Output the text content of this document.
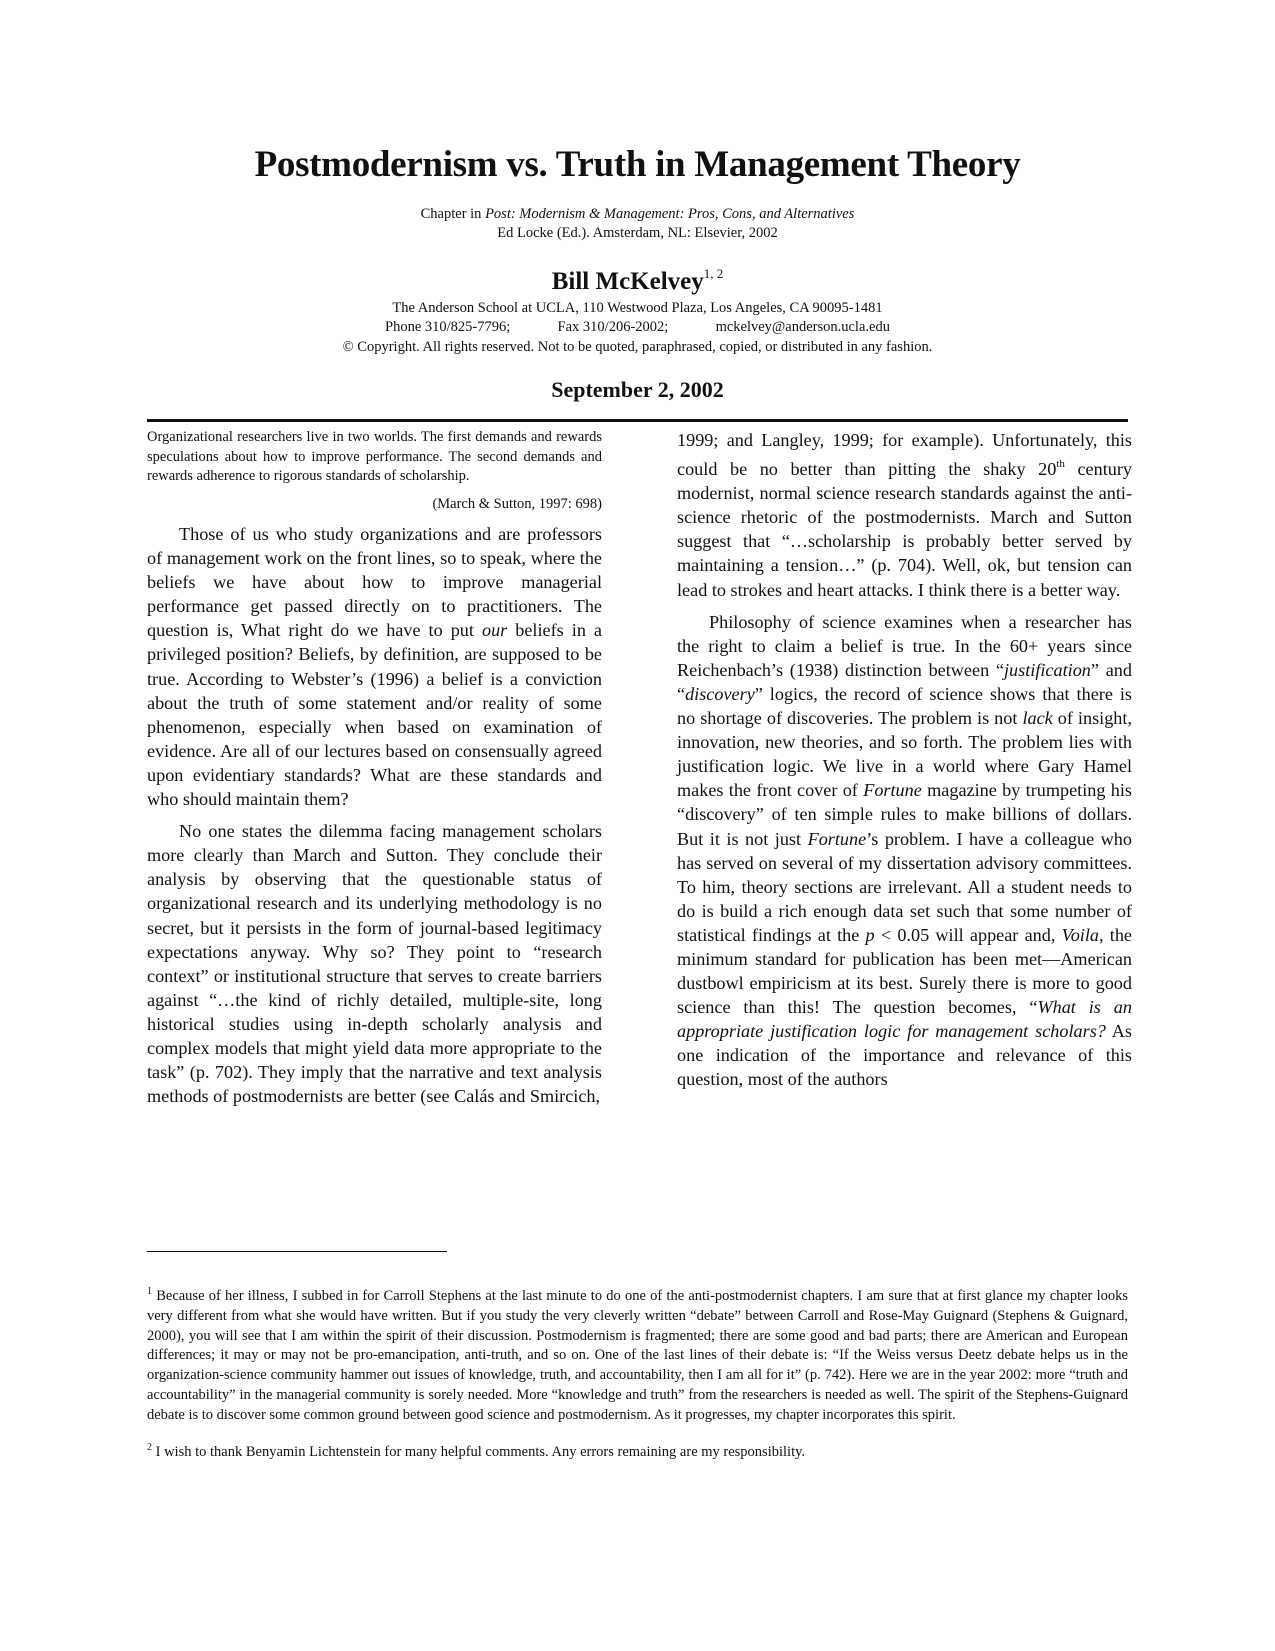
Postmodernism vs. Truth in Management Theory
Chapter in Post: Modernism & Management: Pros, Cons, and Alternatives
Ed Locke (Ed.). Amsterdam, NL: Elsevier, 2002
Bill McKelvey$^{1, 2}$
The Anderson School at UCLA, 110 Westwood Plaza, Los Angeles, CA 90095-1481
Phone 310/825-7796;	Fax 310/206-2002;	mckelvey@anderson.ucla.edu
© Copyright. All rights reserved. Not to be quoted, paraphrased, copied, or distributed in any fashion.
September 2, 2002

Organizational researchers live in two worlds. The first demands and rewards speculations about how to improve performance. The second demands and rewards adherence to rigorous standards of scholarship.

(March & Sutton, 1997: 698)

Those of us who study organizations and are professors of management work on the front lines, so to speak, where the beliefs we have about how to improve managerial performance get passed directly on to practitioners. The question is, What right do we have to put our beliefs in a privileged position? Beliefs, by definition, are supposed to be true. According to Webster’s (1996) a belief is a conviction about the truth of some statement and/or reality of some phenomenon, especially when based on examination of evidence. Are all of our lectures based on consensually agreed upon evidentiary standards? What are these standards and who should maintain them?

No one states the dilemma facing management scholars more clearly than March and Sutton. They conclude their analysis by observing that the questionable status of organizational research and its underlying methodology is no secret, but it persists in the form of journal-based legitimacy expectations anyway. Why so? They point to “research context” or institutional structure that serves to create barriers against “…the kind of richly detailed, multiple-site, long historical studies using in-depth scholarly analysis and complex models that might yield data more appropriate to the task” (p. 702). They imply that the narrative and text analysis methods of postmodernists are better (see Calás and Smircich,

1999; and Langley, 1999; for example). Unfortunately, this could be no better than pitting the shaky 20th century modernist, normal science research standards against the anti-science rhetoric of the postmodernists. March and Sutton suggest that “…scholarship is probably better served by maintaining a tension…” (p. 704). Well, ok, but tension can lead to strokes and heart attacks. I think there is a better way.

Philosophy of science examines when a researcher has the right to claim a belief is true. In the 60+ years since Reichenbach’s (1938) distinction between “justification” and “discovery” logics, the record of science shows that there is no shortage of discoveries. The problem is not lack of insight, innovation, new theories, and so forth. The problem lies with justification logic. We live in a world where Gary Hamel makes the front cover of Fortune magazine by trumpeting his “discovery” of ten simple rules to make billions of dollars. But it is not just Fortune’s problem. I have a colleague who has served on several of my dissertation advisory committees. To him, theory sections are irrelevant. All a student needs to do is build a rich enough data set such that some number of statistical findings at the p < 0.05 will appear and, Voila, the minimum standard for publication has been met—American dustbowl empiricism at its best. Surely there is more to good science than this! The question becomes, “What is an appropriate justification logic for management scholars? As one indication of the importance and relevance of this question, most of the authors

$^1$ Because of her illness, I subbed in for Carroll Stephens at the last minute to do one of the anti-postmodernist chapters. I am sure that at first glance my chapter looks very different from what she would have written. But if you study the very cleverly written “debate” between Carroll and Rose-May Guignard (Stephens & Guignard, 2000), you will see that I am within the spirit of their discussion. Postmodernism is fragmented; there are some good and bad parts; there are American and European differences; it may or may not be pro-emancipation, anti-truth, and so on. One of the last lines of their debate is: “If the Weiss versus Deetz debate helps us in the organization-science community hammer out issues of knowledge, truth, and accountability, then I am all for it” (p. 742). Here we are in the year 2002: more “truth and accountability” in the managerial community is sorely needed. More “knowledge and truth” from the researchers is needed as well. The spirit of the Stephens-Guignard debate is to discover some common ground between good science and postmodernism. As it progresses, my chapter incorporates this spirit.

$^2$ I wish to thank Benyamin Lichtenstein for many helpful comments. Any errors remaining are my responsibility.
